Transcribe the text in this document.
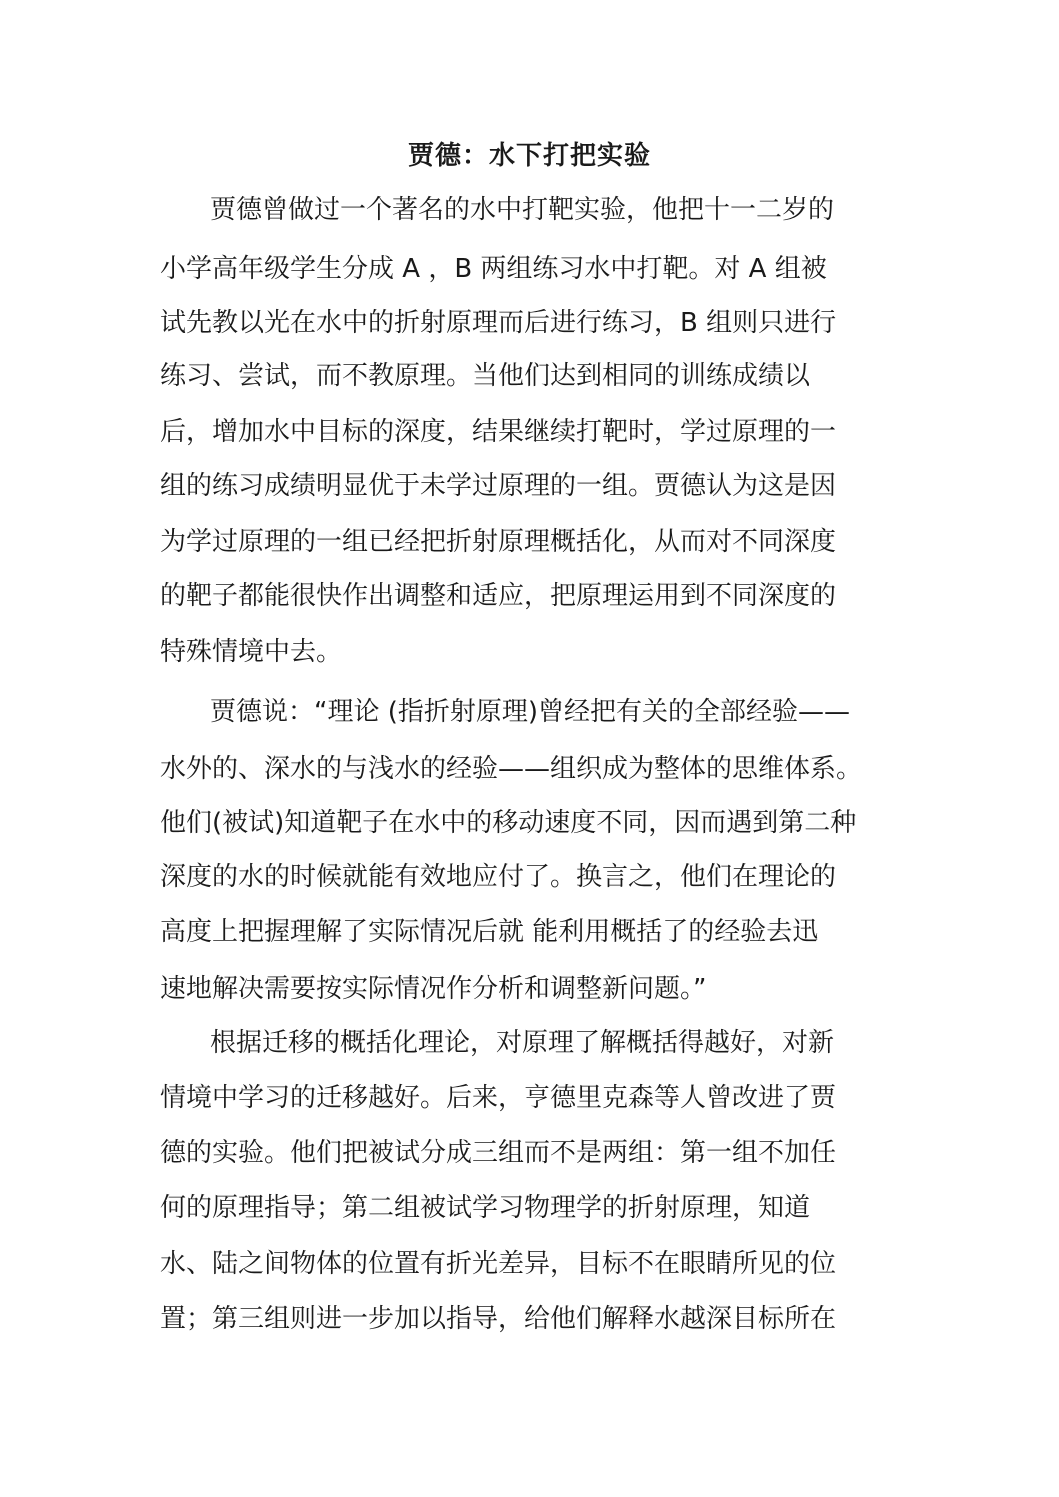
贾德：水下打把实验
贾德曾做过一个著名的水中打靶实验，他把十一二岁的
小学高年级学生分成 A ，B 两组练习水中打靶。对 A 组被
试先教以光在水中的折射原理而后进行练习，B 组则只进行
练习、尝试，而不教原理。当他们达到相同的训练成绩以
后，增加水中目标的深度，结果继续打靶时，学过原理的一
组的练习成绩明显优于未学过原理的一组。贾德认为这是因
为学过原理的一组已经把折射原理概括化，从而对不同深度
的靶子都能很快作出调整和适应，把原理运用到不同深度的
特殊情境中去。
贾德说：“理论 (指折射原理)曾经把有关的全部经验——
水外的、深水的与浅水的经验——组织成为整体的思维体系。
他们(被试)知道靶子在水中的移动速度不同，因而遇到第二种
深度的水的时候就能有效地应付了。换言之，他们在理论的
高度上把握理解了实际情况后就 能利用概括了的经验去迅
速地解决需要按实际情况作分析和调整新问题。”
根据迁移的概括化理论，对原理了解概括得越好，对新
情境中学习的迁移越好。后来，亨德里克森等人曾改进了贾
德的实验。他们把被试分成三组而不是两组：第一组不加任
何的原理指导；第二组被试学习物理学的折射原理，知道
水、陆之间物体的位置有折光差异，目标不在眼睛所见的位
置；第三组则进一步加以指导，给他们解释水越深目标所在
